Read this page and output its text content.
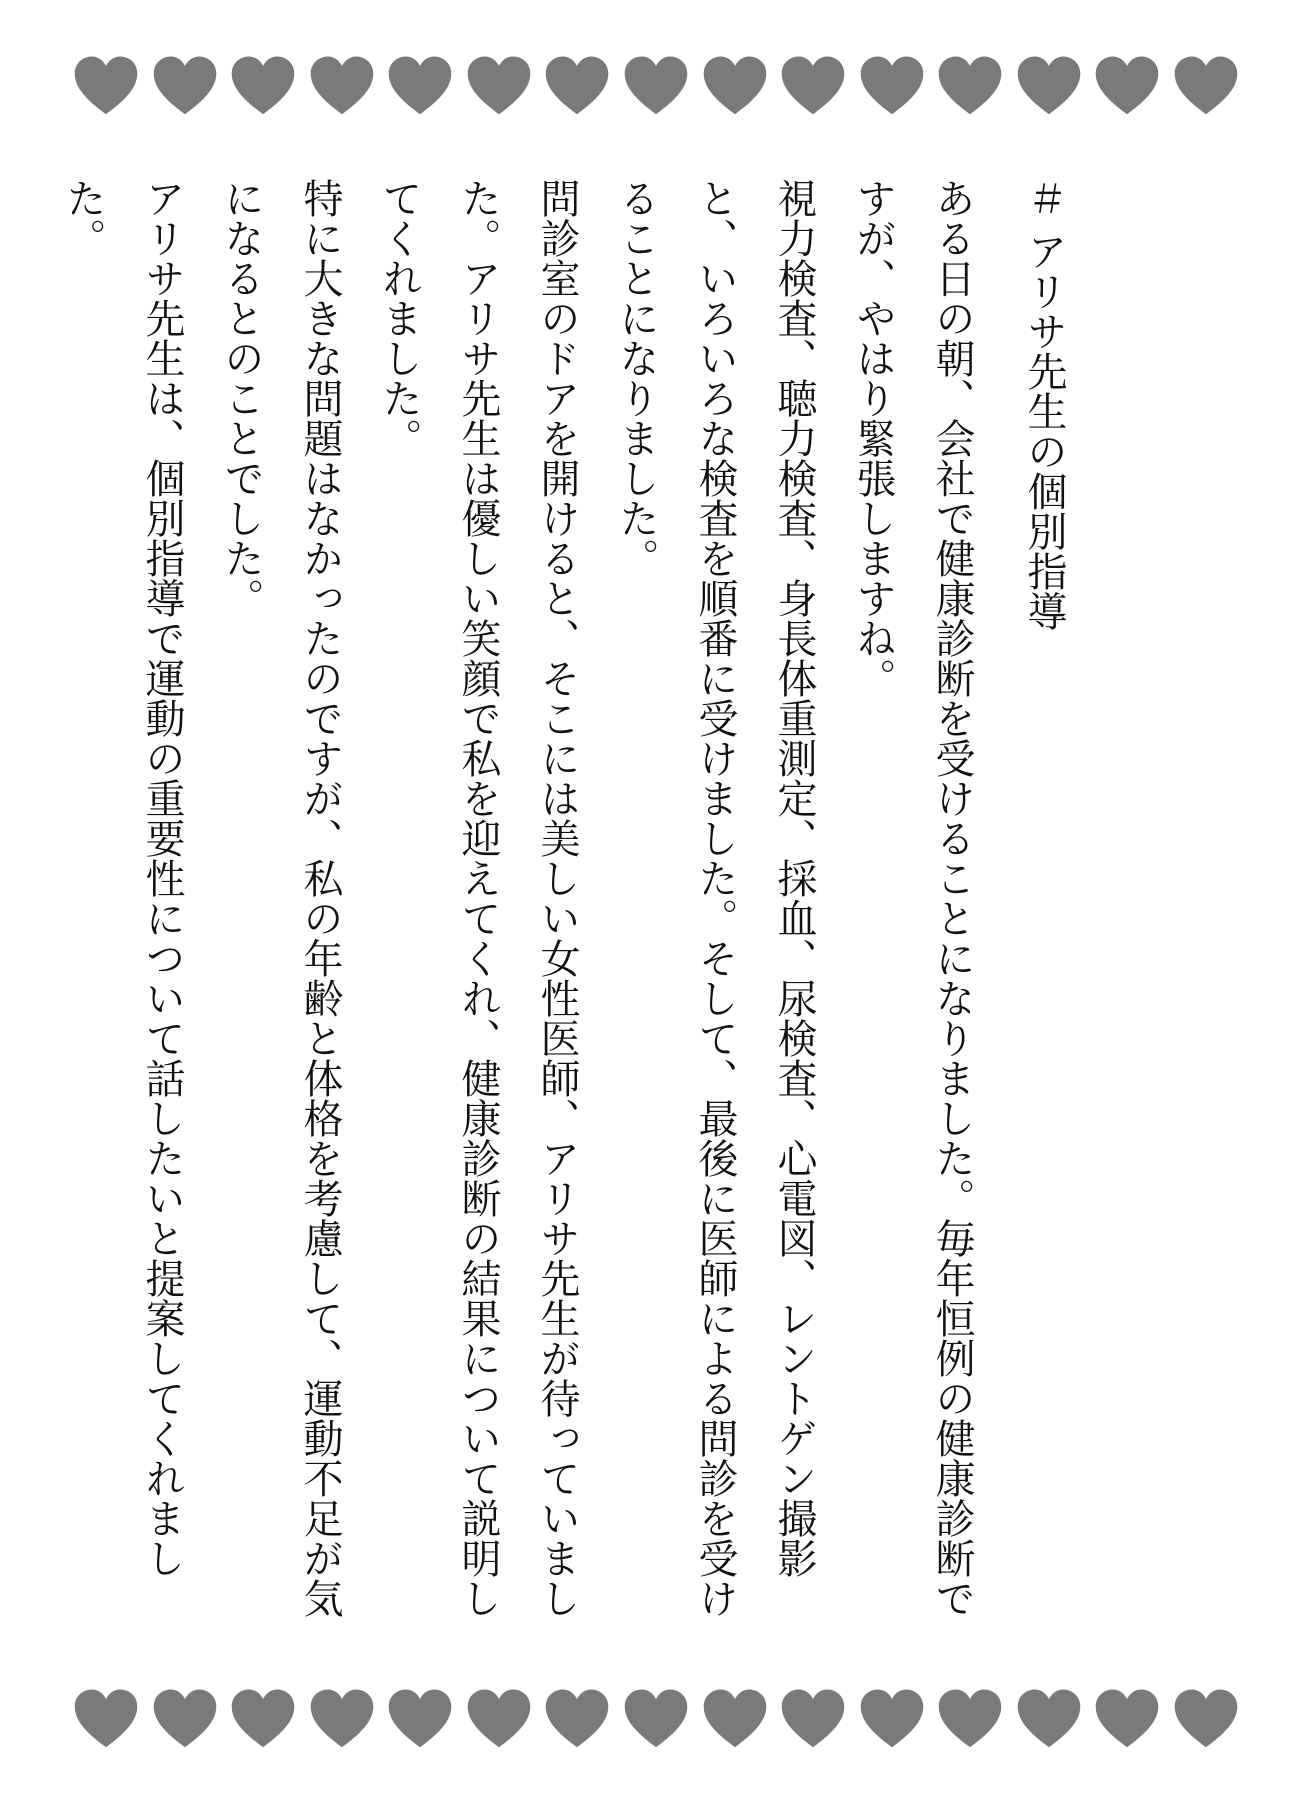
＃ アリサ先生の個別指導

ある日の朝、会社で健康診断を受けることになりました。毎年恒例の健康診断ですが、やはり緊張しますね。

視力検査、聴力検査、身長体重測定、採血、尿検査、心電図、レントゲン撮影と、いろいろな検査を順番に受けました。そして、最後に医師による問診を受けることになりました。

問診室のドアを開けると、そこには美しい女性医師、アリサ先生が待っていました。アリサ先生は優しい笑顔で私を迎えてくれ、健康診断の結果について説明してくれました。

特に大きな問題はなかったのですが、私の年齢と体格を考慮して、運動不足が気になるとのことでした。

アリサ先生は、個別指導で運動の重要性について話したいと提案してくれました。
